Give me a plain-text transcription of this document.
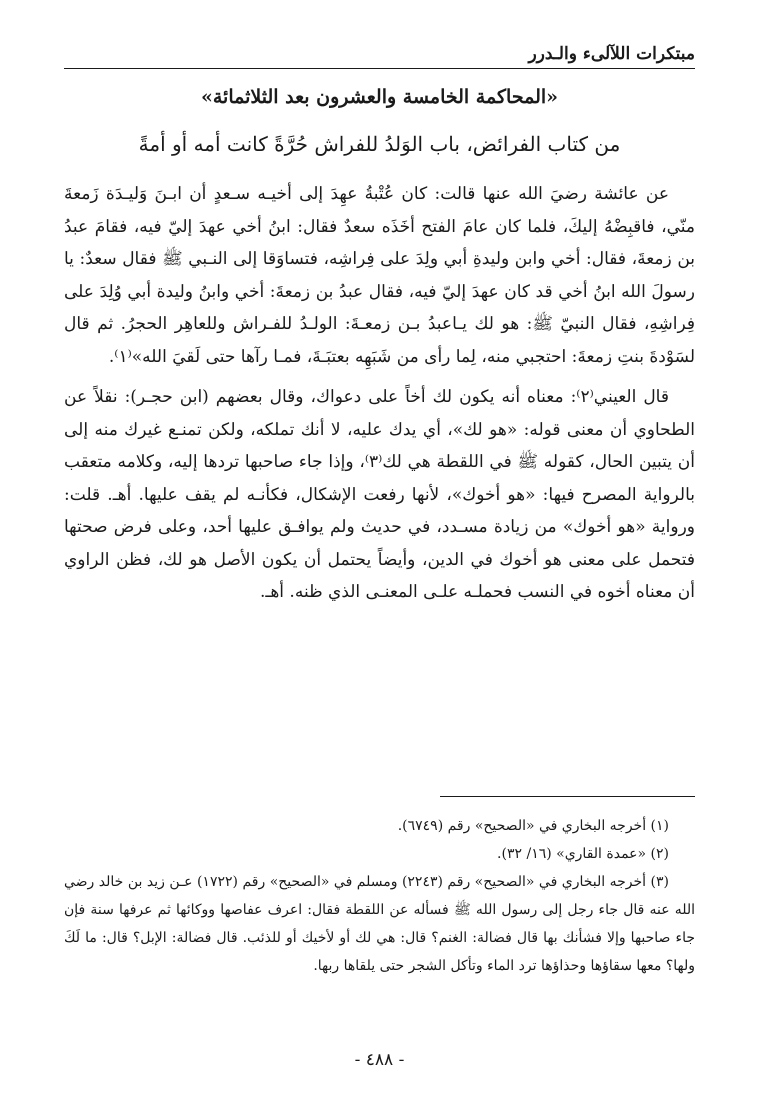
مبتكرات اللآلىء والـدرر
«المحاكمة الخامسة والعشرون بعد الثلاثمائة»
من كتاب الفرائض، باب الوَلدُ للفراش حُرَّةً كانت أمه أو أمةً

عن عائشة رضيَ الله عنها قالت: كان عُتْبةُ عهِدَ إلى أخيـه سـعدٍ أن ابـنَ وَليـدَة زَمعةَ منّي، فاقبِضْهُ إليكَ، فلما كان عامَ الفتح أخَذَه سعدٌ فقال: ابنُ أخي عهدَ إليّ فيه، فقامَ عبدُ بن زمعةَ، فقال: أخي وابن وليدةِ أبي ولِدَ على فِراشِه، فتساوَقا إلى النـبي ﷺ فقال سعدٌ: يا رسولَ الله ابنُ أخي قد كان عهدَ إليّ فيه، فقال عبدُ بن زمعةَ: أخي وابنُ وليدة أبي وُلِدَ على فِراشِهِ، فقال النبيّ ﷺ: هو لك يـاعبدُ بـن زمعـةَ: الولـدُ للفـراش وللعاهِر الحجرُ. ثم قال لسَوْدةَ بنتِ زمعةَ: احتجبي منه، لِما رأى من شَبَهِه بعتبَـةَ، فمـا رآها حتى لَقيَ الله»⁽١⁾.

قال العيني⁽٢⁾: معناه أنه يكون لك أخاً على دعواك، وقال بعضهم (ابن حجـر): نقلاً عن الطحاوي أن معنى قوله: «هو لك»، أي يدك عليه، لا أنك تملكه، ولكن تمنـع غيرك منه إلى أن يتبين الحال، كقوله ﷺ في اللقطة هي لك⁽٣⁾، وإذا جاء صاحبها تردها إليه، وكلامه متعقب بالرواية المصرح فيها: «هو أخوك»، لأنها رفعت الإشكال، فكأنـه لم يقف عليها. أهـ. قلت: ورواية «هو أخوك» من زيادة مسـدد، في حديث ولم يوافـق عليها أحد، وعلى فرض صحتها فتحمل على معنى هو أخوك في الدين، وأيضاً يحتمل أن يكون الأصل هو لك، فظن الراوي أن معناه أخوه في النسب فحملـه علـى المعنـى الذي ظنه. أهـ.

(١) أخرجه البخاري في «الصحيح» رقم (٦٧٤٩).

(٢) «عمدة القاري» (١٦/ ٣٢).

(٣) أخرجه البخاري في «الصحيح» رقم (٢٢٤٣) ومسلم في «الصحيح» رقم (١٧٢٢) عـن زيد بن خالد رضي الله عنه قال جاء رجل إلى رسول الله ﷺ فسأله عن اللقطة فقال: اعرف عفاصها ووكائها ثم عرفها سنة فإن جاء صاحبها وإلا فشأنك بها قال فضالة: الغنم؟ قال: هي لك أو لأخيك أو للذئب. قال فضالة: الإبل؟ قال: ما لَكَ ولها؟ معها سقاؤها وحذاؤها ترد الماء وتأكل الشجر حتى يلقاها ربها.

- ٤٨٨ -
